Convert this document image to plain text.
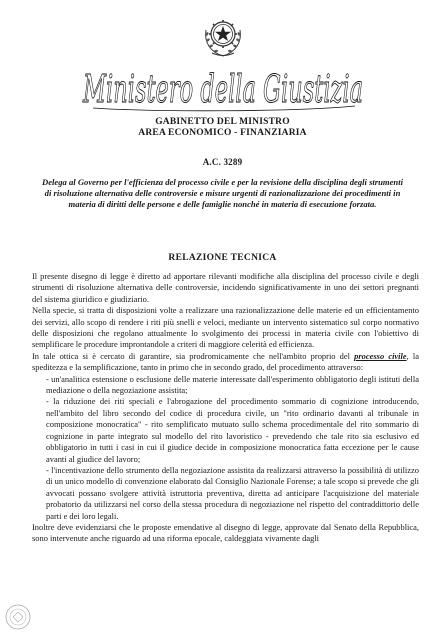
Ministero della Giustizia
GABINETTO DEL MINISTRO
AREA ECONOMICO - FINANZIARIA
A.C. 3289
Delega al Governo per l'efficienza del processo civile e per la revisione della disciplina degli strumenti di risoluzione alternativa delle controversie e misure urgenti di razionalizzazione dei procedimenti in materia di diritti delle persone e delle famiglie nonché in materia di esecuzione forzata.
RELAZIONE TECNICA

Il presente disegno di legge è diretto ad apportare rilevanti modifiche alla disciplina del processo civile e degli strumenti di risoluzione alternativa delle controversie, incidendo significativamente in uno dei settori pregnanti del sistema giuridico e giudiziario.

Nella specie, si tratta di disposizioni volte a realizzare una razionalizzazione delle materie ed un efficientamento dei servizi, allo scopo di rendere i riti più snelli e veloci, mediante un intervento sistematico sul corpo normativo delle disposizioni che regolano attualmente lo svolgimento dei processi in materia civile con l'obiettivo di semplificare le procedure improntandole a criteri di maggiore celerità ed efficienza.

In tale ottica si è cercato di garantire, sia prodromicamente che nell'ambito proprio del processo civile, la speditezza e la semplificazione, tanto in primo che in secondo grado, del procedimento attraverso:

- un'analitica estensione o esclusione delle materie interessate dall'esperimento obbligatorio degli istituti della mediazione o della negoziazione assistita;

- la riduzione dei riti speciali e l'abrogazione del procedimento sommario di cognizione introducendo, nell'ambito del libro secondo del codice di procedura civile, un "rito ordinario davanti al tribunale in composizione monocratica" - rito semplificato mutuato sullo schema procedimentale del rito sommario di cognizione in parte integrato sul modello del rito lavoristico - prevedendo che tale rito sia esclusivo ed obbligatorio in tutti i casi in cui il giudice decide in composizione monocratica fatta eccezione per le cause avanti al giudice del lavoro;

- l'incentivazione dello strumento della negoziazione assistita da realizzarsi attraverso la possibilità di utilizzo di un unico modello di convenzione elaborato dal Consiglio Nazionale Forense; a tale scopo si prevede che gli avvocati possano svolgere attività istruttoria preventiva, diretta ad anticipare l'acquisizione del materiale probatorio da utilizzarsi nel corso della stessa procedura di negoziazione nel rispetto del contraddittorio delle parti e dei loro legali.

Inoltre deve evidenziarsi che le proposte emendative al disegno di legge, approvate dal Senato della Repubblica, sono intervenute anche riguardo ad una riforma epocale, caldeggiata vivamente dagli
